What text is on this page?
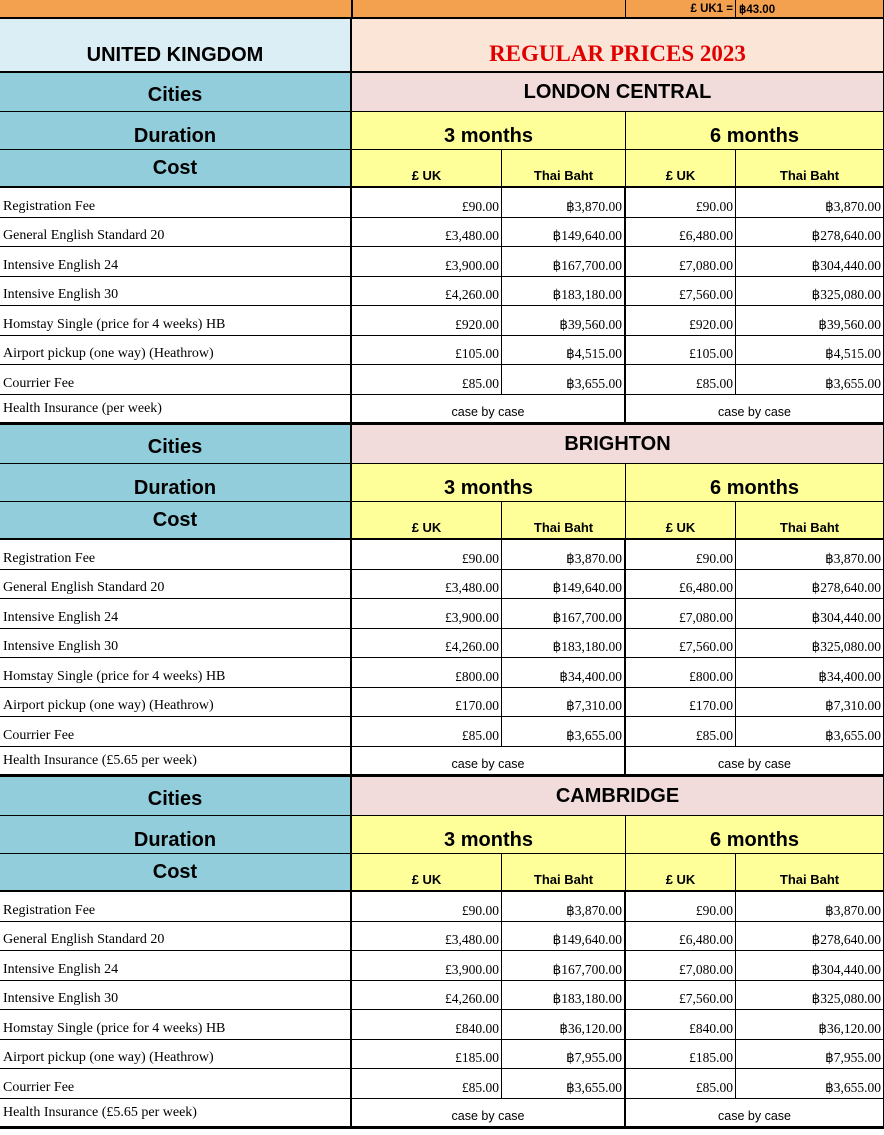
£ UK1 = ฿43.00
UNITED KINGDOM	REGULAR PRICES 2023
Cities	LONDON CENTRAL
Duration	3 months	6 months
Cost	£ UK	Thai Baht	£ UK	Thai Baht
Registration Fee	£90.00	฿3,870.00	£90.00	฿3,870.00
General English Standard 20	£3,480.00	฿149,640.00	£6,480.00	฿278,640.00
Intensive English 24	£3,900.00	฿167,700.00	£7,080.00	฿304,440.00
Intensive English 30	£4,260.00	฿183,180.00	£7,560.00	฿325,080.00
Homstay Single (price for 4 weeks) HB	£920.00	฿39,560.00	£920.00	฿39,560.00
Airport pickup (one way) (Heathrow)	£105.00	฿4,515.00	£105.00	฿4,515.00
Courrier Fee	£85.00	฿3,655.00	£85.00	฿3,655.00
Health Insurance (per week)	case by case	case by case
Cities	BRIGHTON
Duration	3 months	6 months
Cost	£ UK	Thai Baht	£ UK	Thai Baht
Registration Fee	£90.00	฿3,870.00	£90.00	฿3,870.00
General English Standard 20	£3,480.00	฿149,640.00	£6,480.00	฿278,640.00
Intensive English 24	£3,900.00	฿167,700.00	£7,080.00	฿304,440.00
Intensive English 30	£4,260.00	฿183,180.00	£7,560.00	฿325,080.00
Homstay Single (price for 4 weeks) HB	£800.00	฿34,400.00	£800.00	฿34,400.00
Airport pickup (one way) (Heathrow)	£170.00	฿7,310.00	£170.00	฿7,310.00
Courrier Fee	£85.00	฿3,655.00	£85.00	฿3,655.00
Health Insurance (£5.65 per week)	case by case	case by case
Cities	CAMBRIDGE
Duration	3 months	6 months
Cost	£ UK	Thai Baht	£ UK	Thai Baht
Registration Fee	£90.00	฿3,870.00	£90.00	฿3,870.00
General English Standard 20	£3,480.00	฿149,640.00	£6,480.00	฿278,640.00
Intensive English 24	£3,900.00	฿167,700.00	£7,080.00	฿304,440.00
Intensive English 30	£4,260.00	฿183,180.00	£7,560.00	฿325,080.00
Homstay Single (price for 4 weeks) HB	£840.00	฿36,120.00	£840.00	฿36,120.00
Airport pickup (one way) (Heathrow)	£185.00	฿7,955.00	£185.00	฿7,955.00
Courrier Fee	£85.00	฿3,655.00	£85.00	฿3,655.00
Health Insurance (£5.65 per week)	case by case	case by case
